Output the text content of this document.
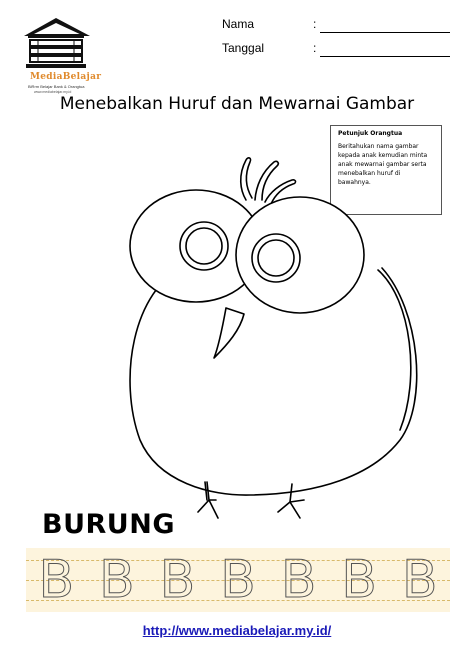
MediaBelajar
BiRrm Belajar Bank & Orangtua
www.mediabelajar.my.id
Nama	:
Tanggal	:
Menebalkan Huruf dan Mewarnai Gambar
Petunjuk Orangtua
Beritahukan nama gambar kepada anak kemudian minta anak mewarnai gambar serta menebalkan huruf di bawahnya.
BURUNG
B B B B B B B
http://www.mediabelajar.my.id/
